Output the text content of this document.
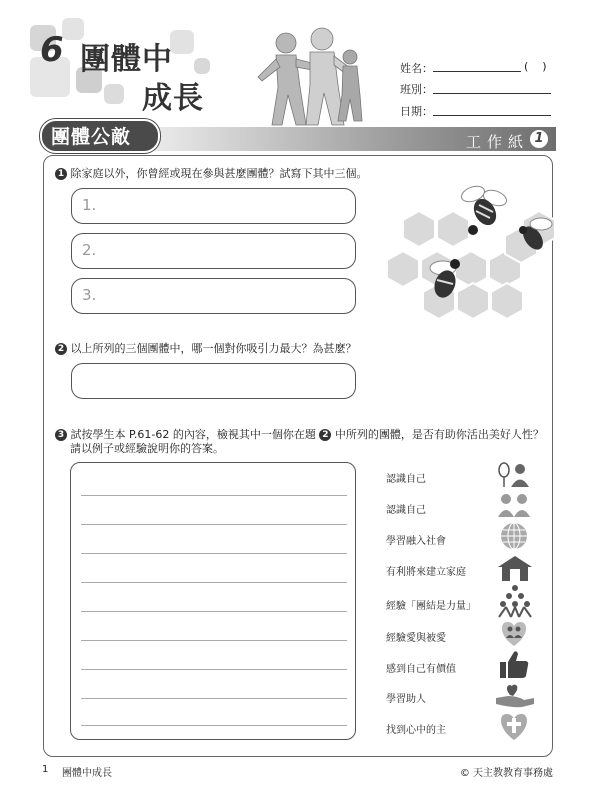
6 團體中
成長
姓名：	(    )
班別：
日期：
團體公敵	工作紙 1
1 除家庭以外，你曾經或現在參與甚麼團體？試寫下其中三個。
1.
2.
3.
2 以上所列的三個團體中，哪一個對你吸引力最大？為甚麼？
3 試按學生本 P.61-62 的內容，檢視其中一個你在題 2 中所列的團體，是否有助你活出美好人性？
請以例子或經驗說明你的答案。
認識自己
認識自己
學習融入社會
有利將來建立家庭
經驗「團結是力量」
經驗愛與被愛
感到自己有價值
學習助人
找到心中的主
1 團體中成長	© 天主教教育事務處
